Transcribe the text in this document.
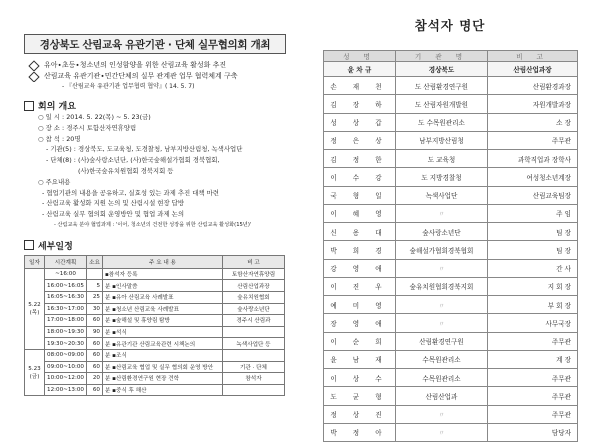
경상북도 산림교육 유관기관 · 단체 실무협의회 개최
유아∙초등∙청소년의 인성함양을 위한 산림교육 활성화 추진
산림교육 유관기관∙민간단체의 실무 관계관 업무 협력체계 구축
- 『산림교육 유관기관 업무협력 협약』( 14. 5. 7)
회의 개요
○ 일 시 : 2014. 5. 22(목) ~ 5. 23(금)
○ 장 소 : 경주시 토함산자연휴양림
○ 참 석 : 20명
- 기관(5) : 경상북도, 도교육청, 도경찰청, 남부지방산림청, 녹색사업단
- 단체(8) : (사)숲사랑소년단, (사)한국숲해설가협회 경북협회,
(사)한국숲유치원협회 경북지회 등
○ 주요내용
- 협업기관의 내용을 공유하고, 실효성 있는 과제 추진 대책 마련
- 산림교육 활성화 지원 논의 및 산림시설 현장 답방
- 산림교육 실무 협의회 운영방안 및 협업 과제 논의
- 산림교육 분야 협업과제 : '이어, 청소년의 건전한 성장을 위한 산림교육 활성화(15년)'
세부일정
일자	시간계획	소요	주 요 내 용	비 고
5.22 (목)	~16:00		▪참석자 등록	토함산자연휴양림
	16:00~16:05	5	분 ▪인사말씀	산림산업과장
	16:05~16:30	25	분 ▪유아 산림교육 사례발표	숲유치원협회
	16:30~17:00	30	분 ▪청소년 산림교육 사례발표	숲사랑소년단
	17:00~18:00	60	분 ▪숲해설 및 휴양림 탐방	경주시 산림과
	18:00~19:30	90	분 ▪석식	
	19:30~20:30	60	분 ▪유관기관 산림교육관련 시책논의	녹색사업단 등
5.23 (금)	08:00~09:00	60	분 ▪조식	
	09:00~10:00	60	분 ▪산림교육 협업 및 실무 협의회 운영 방안	기관 · 단체
	10:00~12:00	20	분 ▪산림환경연구원 현장 견학	참석자
	12:00~13:00	60	분 ▪중식 후 해산	
참석자 명단
성 명	기 관 명	비 고
윤 차 규	경상북도	산림산업과장
손 재 천	도 산림환경연구원	산림환경과장
김 장 하	도 산림자원개발원	자원개발과장
성 상 갑	도 수목원관리소	소 장
정 은 상	남부지방산림청	주무관
김 정 한	도 교육청	과학직업과 장학사
이 수 강	도 지방경찰청	여성청소년계장
국 형 일	녹색사업단	산림교육팀장
이 혜 영	〃	주 임
신 용 대	숲사랑소년단	팀 장
박 희 경	숲해설가협회경북협회	팀 장
강 영 애	〃	간 사
이 진 우	숲유치원협회경북지회	지 회 장
예 미 영	〃	부 회 장
장 영 애	〃	사무국장
이 순 희	산림환경연구원	주무관
윤 남 재	수목원관리소	계 장
이 상 수	수목원관리소	주무관
도 균 형	산림산업과	주무관
정 상 진	〃	주무관
박 정 아	〃	담당자
